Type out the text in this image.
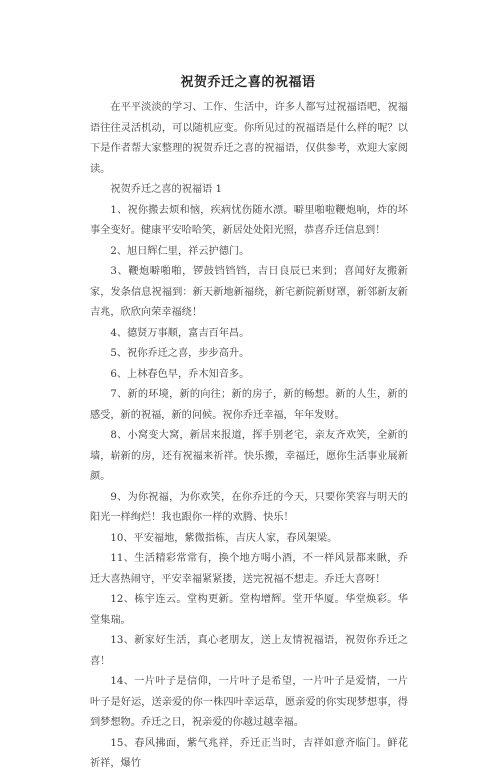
祝贺乔迁之喜的祝福语

在平平淡淡的学习、工作、生活中，许多人都写过祝福语吧，祝福语往往灵活机动，可以随机应变。你所见过的祝福语是什么样的呢？以下是作者帮大家整理的祝贺乔迁之喜的祝福语，仅供参考，欢迎大家阅读。

祝贺乔迁之喜的祝福语 1

1、祝你搬去烦和恼，疾病忧伤随水漂。噼里啪啦鞭炮响，炸的坏事全变好。健康平安哈哈笑，新居处处阳光照，恭喜乔迁信息到！

2、旭日辉仁里，祥云护德门。

3、鞭炮噼啪啪，锣鼓铛铛铛，吉日良辰已来到；喜闻好友搬新家，发条信息祝福到：新天新地新福绕，新宅新院新财罩，新邻新友新吉兆，欣欣向荣幸福绕！

4、德贤万事顺，富吉百年昌。

5、祝你乔迁之喜，步步高升。

6、上林春色早，乔木知音多。

7、新的环境，新的向往；新的房子，新的畅想。新的人生，新的感受，新的祝福，新的问候。祝你乔迁幸福，年年发财。

8、小窝变大窝，新居来报道，挥手别老宅，亲友齐欢笑，全新的墙，崭新的房，还有祝福来祈祥。快乐搬，幸福迁，愿你生活事业展新颜。

9、为你祝福，为你欢笑，在你乔迁的今天，只要你笑容与明天的阳光一样绚烂！我也跟你一样的欢腾、快乐！

10、平安福地，紫微指栋，吉庆人家，春风架梁。

11、生活精彩常常有，换个地方喝小酒，不一样风景都来瞅，乔迁大喜热闹守，平安幸福紧紧搂，送完祝福不想走。乔迁大喜呀！

12、栋宇连云。堂构更新。堂构增辉。堂开华厦。华堂焕彩。华堂集瑞。

13、新家好生活，真心老朋友，送上友情祝福语，祝贺你乔迁之喜！

14、一片叶子是信仰，一片叶子是希望，一片叶子是爱情，一片叶子是好运，送亲爱的你一株四叶幸运草，愿亲爱的你实现梦想事，得到梦想物。乔迁之日，祝亲爱的你越过越幸福。

15、春风拂面，紫气兆祥，乔迁正当时，吉祥如意齐临门。鲜花祈祥，爆竹
